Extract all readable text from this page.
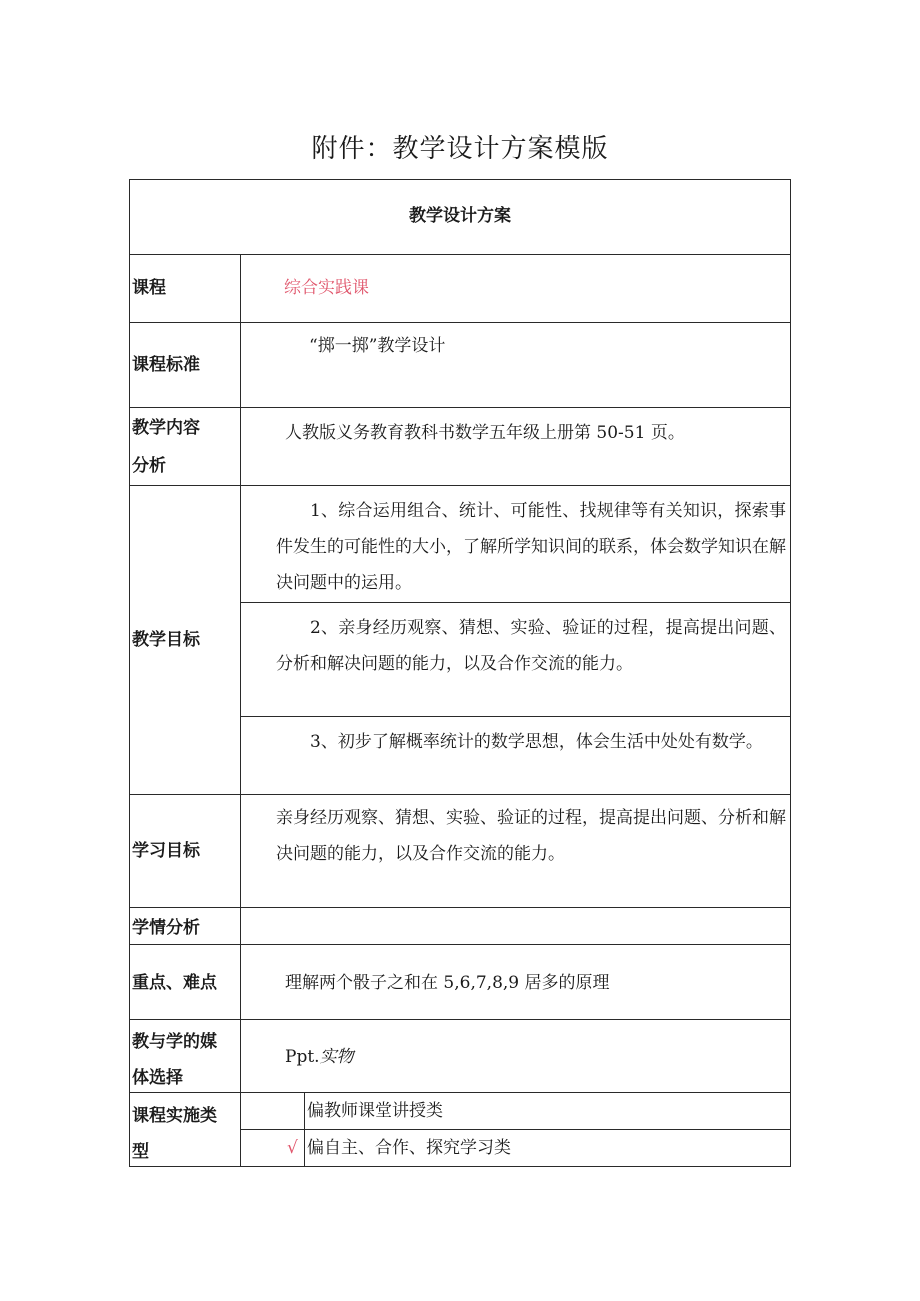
附件：教学设计方案模版
教学设计方案
课程	综合实践课
课程标准
“掷一掷”教学设计
教学内容
分析
人教版义务教育教科书数学五年级上册第 50-51 页。
教学目标
1、综合运用组合、统计、可能性、找规律等有关知识，探索事件发生的可能性的大小，了解所学知识间的联系，体会数学知识在解决问题中的运用。
2、亲身经历观察、猜想、实验、验证的过程，提高提出问题、分析和解决问题的能力，以及合作交流的能力。
3、初步了解概率统计的数学思想，体会生活中处处有数学。
学习目标
亲身经历观察、猜想、实验、验证的过程，提高提出问题、分析和解决问题的能力，以及合作交流的能力。
学情分析
重点、难点	理解两个骰子之和在 5,6,7,8,9 居多的原理
教与学的媒
体选择
Ppt.实物
课程实施类
型
偏教师课堂讲授类
√ 偏自主、合作、探究学习类
